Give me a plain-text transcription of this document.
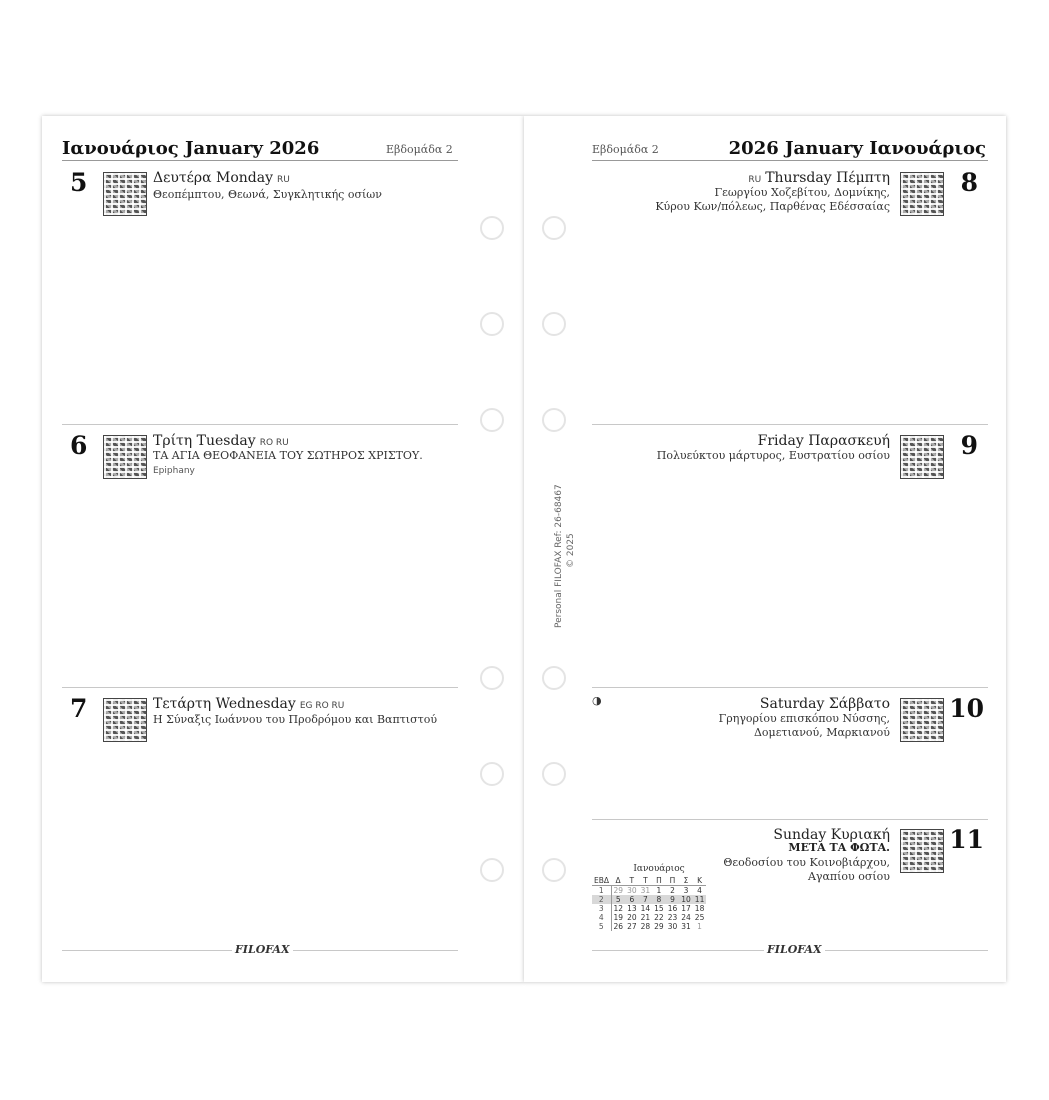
Ιανουάριος January 2026	Εβδομάδα 2
5	Δευτέρα Monday RU
Θεοπέμπτου, Θεωνά, Συγκλητικής οσίων
6	Τρίτη Tuesday RO RU
ΤΑ ΑΓΙΑ ΘΕΟΦΑΝΕΙΑ ΤΟΥ ΣΩΤΗΡΟΣ ΧΡΙΣΤΟΥ.
Epiphany
7	Τετάρτη Wednesday EG RO RU
Η Σύναξις Ιωάννου του Προδρόμου και Βαπτιστού
FILOFAX
Εβδομάδα 2	2026 January Ιανουάριος
Personal FILOFAX Ref: 26-68467 © 2025
RU Thursday Πέμπτη
Γεωργίου Χοζεβίτου, Δομνίκης,
Κύρου Κων/πόλεως, Παρθένας Εδέσσαίας
8
Friday Παρασκευή
Πολυεύκτου μάρτυρος, Ευστρατίου οσίου	9
◑	Saturday Σάββατο
Γρηγορίου επισκόπου Νύσσης,
Δομετιανού, Μαρκιανού
10
Sunday Κυριακή
ΜΕΤΑ ΤΑ ΦΩΤΑ.
Θεοδοσίου του Κοινοβιάρχου,
Αγαπίου οσίου
11
Ιανουάριος
ΕΒΔ	Δ	Τ	Τ	Π	Π	Σ	Κ
1	29	30	31	1	2	3	4
2	5	6	7	8	9	10	11
3	12	13	14	15	16	17	18
4	19	20	21	22	23	24	25
5	26	27	28	29	30	31	1
FILOFAX
